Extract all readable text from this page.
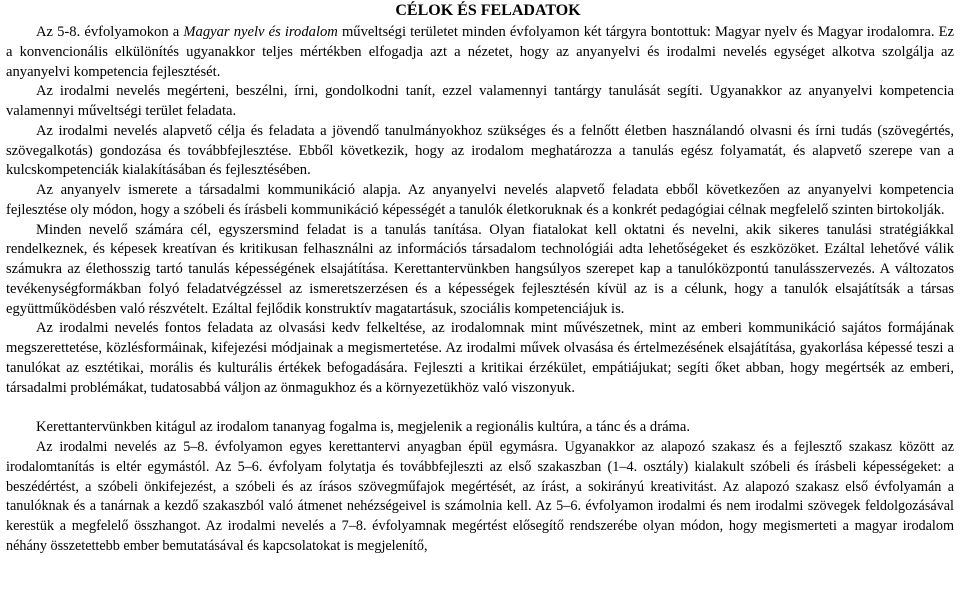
CÉLOK ÉS FELADATOK

Az 5-8. évfolyamokon a Magyar nyelv és irodalom műveltségi területet minden évfolyamon két tárgyra bontottuk: Magyar nyelv és Magyar irodalomra. Ez a konvencionális elkülönítés ugyanakkor teljes mértékben elfogadja azt a nézetet, hogy az anyanyelvi és irodalmi nevelés egységet alkotva szolgálja az anyanyelvi kompetencia fejlesztését.

Az irodalmi nevelés megérteni, beszélni, írni, gondolkodni tanít, ezzel valamennyi tantárgy tanulását segíti. Ugyanakkor az anyanyelvi kompetencia valamennyi műveltségi terület feladata.

Az irodalmi nevelés alapvető célja és feladata a jövendő tanulmányokhoz szükséges és a felnőtt életben használandó olvasni és írni tudás (szövegértés, szövegalkotás) gondozása és továbbfejlesztése. Ebből következik, hogy az irodalom meghatározza a tanulás egész folyamatát, és alapvető szerepe van a kulcskompetenciák kialakításában és fejlesztésében.

Az anyanyelv ismerete a társadalmi kommunikáció alapja. Az anyanyelvi nevelés alapvető feladata ebből következően az anyanyelvi kompetencia fejlesztése oly módon, hogy a szóbeli és írásbeli kommunikáció képességét a tanulók életkoruknak és a konkrét pedagógiai célnak megfelelő szinten birtokolják.

Minden nevelő számára cél, egyszersmind feladat is a tanulás tanítása. Olyan fiatalokat kell oktatni és nevelni, akik sikeres tanulási stratégiákkal rendelkeznek, és képesek kreatívan és kritikusan felhasználni az információs társadalom technológiái adta lehetőségeket és eszközöket. Ezáltal lehetővé válik számukra az élethosszig tartó tanulás képességének elsajátítása. Kerettantervünkben hangsúlyos szerepet kap a tanulóközpontú tanulásszervezés. A változatos tevékenységformákban folyó feladatvégzéssel az ismeretszerzésen és a képességek fejlesztésén kívül az is a célunk, hogy a tanulók elsajátítsák a társas együttműködésben való részvételt. Ezáltal fejlődik konstruktív magatartásuk, szociális kompetenciájuk is.

Az irodalmi nevelés fontos feladata az olvasási kedv felkeltése, az irodalomnak mint művészetnek, mint az emberi kommunikáció sajátos formájának megszerettetése, közlésformáinak, kifejezési módjainak a megismertetése. Az irodalmi művek olvasása és értelmezésének elsajátítása, gyakorlása képessé teszi a tanulókat az esztétikai, morális és kulturális értékek befogadására. Fejleszti a kritikai érzékület, empátiájukat; segíti őket abban, hogy megértsék az emberi, társadalmi problémákat, tudatosabbá váljon az önmagukhoz és a környezetükhöz való viszonyuk.

Kerettantervünkben kitágul az irodalom tananyag fogalma is, megjelenik a regionális kultúra, a tánc és a dráma.

Az irodalmi nevelés az 5–8. évfolyamon egyes kerettantervi anyagban épül egymásra. Ugyanakkor az alapozó szakasz és a fejlesztő szakasz között az irodalomtanítás is eltér egymástól. Az 5–6. évfolyam folytatja és továbbfejleszti az első szakaszban (1–4. osztály) kialakult szóbeli és írásbeli képességeket: a beszédértést, a szóbeli önkifejezést, a szóbeli és az írásos szövegműfajok megértését, az írást, a sokirányú kreativitást. Az alapozó szakasz első évfolyamán a tanulóknak és a tanárnak a kezdő szakaszból való átmenet nehézségeivel is számolnia kell. Az 5–6. évfolyamon irodalmi és nem irodalmi szövegek feldolgozásával kerestük a megfelelő összhangot. Az irodalmi nevelés a 7–8. évfolyamnak megértést elősegítő rendszerébe olyan módon, hogy megismerteti a magyar irodalom néhány összetettebb ember bemutatásával és kapcsolatokat is megjelenítő,
